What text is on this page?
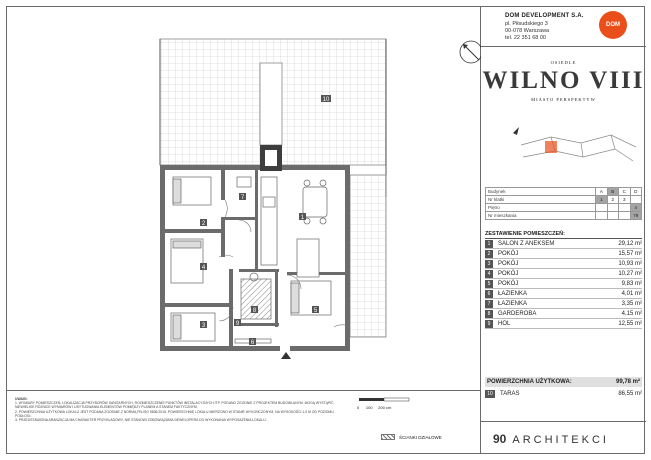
1
2
3
4
5
6
7
8
9
10
UWAGI:
1. WYMIARY POMIESZCZEŃ, LOKALIZACJA PRZYBORÓW SANITARNYCH, ROZMIESZCZENIE PUNKTÓW INSTALACYJNYCH ITP. PODANO ZGODNIE Z PROJEKTEM BUDOWLANYM. MOGĄ WYSTĄPIĆ NIEWIELKIE RÓŻNICE WYMIARÓW I USYTUOWANIA ELEMENTÓW POMIĘDZY PLANEM A STANEM FAKTYCZNYM.
2. POWIERZCHNIA UŻYTKOWA LOKALU JEST PODANA ZGODNIE Z NORMĄ PN-ISO 9836:2015. POWIERZCHNIĘ LOKALU MIERZONO W STANIE WYKOŃCZONYM, NA WYSOKOŚCI 1,0 M OD POZIOMU PODŁOGI.
3. PRZEDSTAWIONA ARANŻACJA MA CHARAKTER PRZYKŁADOWY, NIE STANOWI ZOBOWIĄZANIA DEWELOPERA DO WYKONANIA WYPOSAŻENIA LOKALU.
0 100 200 cm
ŚCIANKI DZIAŁOWE
DOM DEVELOPMENT S.A.
pl. Piłsudskiego 3
00-078 Warszawa
tel. 22 351 68 00
DOM
OSIEDLE
WILNO VIII
MIASTO PERSPEKTYW
Budynek	A	B	C	D
Nr klatki	1	2	3	
Piętro				4
Nr mieszkania				79
ZESTAWIENIE POMIESZCZEŃ:
1	SALON Z ANEKSEM	29,12 m²
2	POKÓJ	15,57 m²
3	POKÓJ	10,93 m²
4	POKÓJ	10,27 m²
5	POKÓJ	9,83 m²
6	ŁAZIENKA	4,01 m²
7	ŁAZIENKA	3,35 m²
8	GARDEROBA	4,15 m²
9	HOL	12,55 m²
POWIERZCHNIA UŻYTKOWA:	99,78 m²
10	TARAS	86,55 m²
90 ARCHITEKCI
